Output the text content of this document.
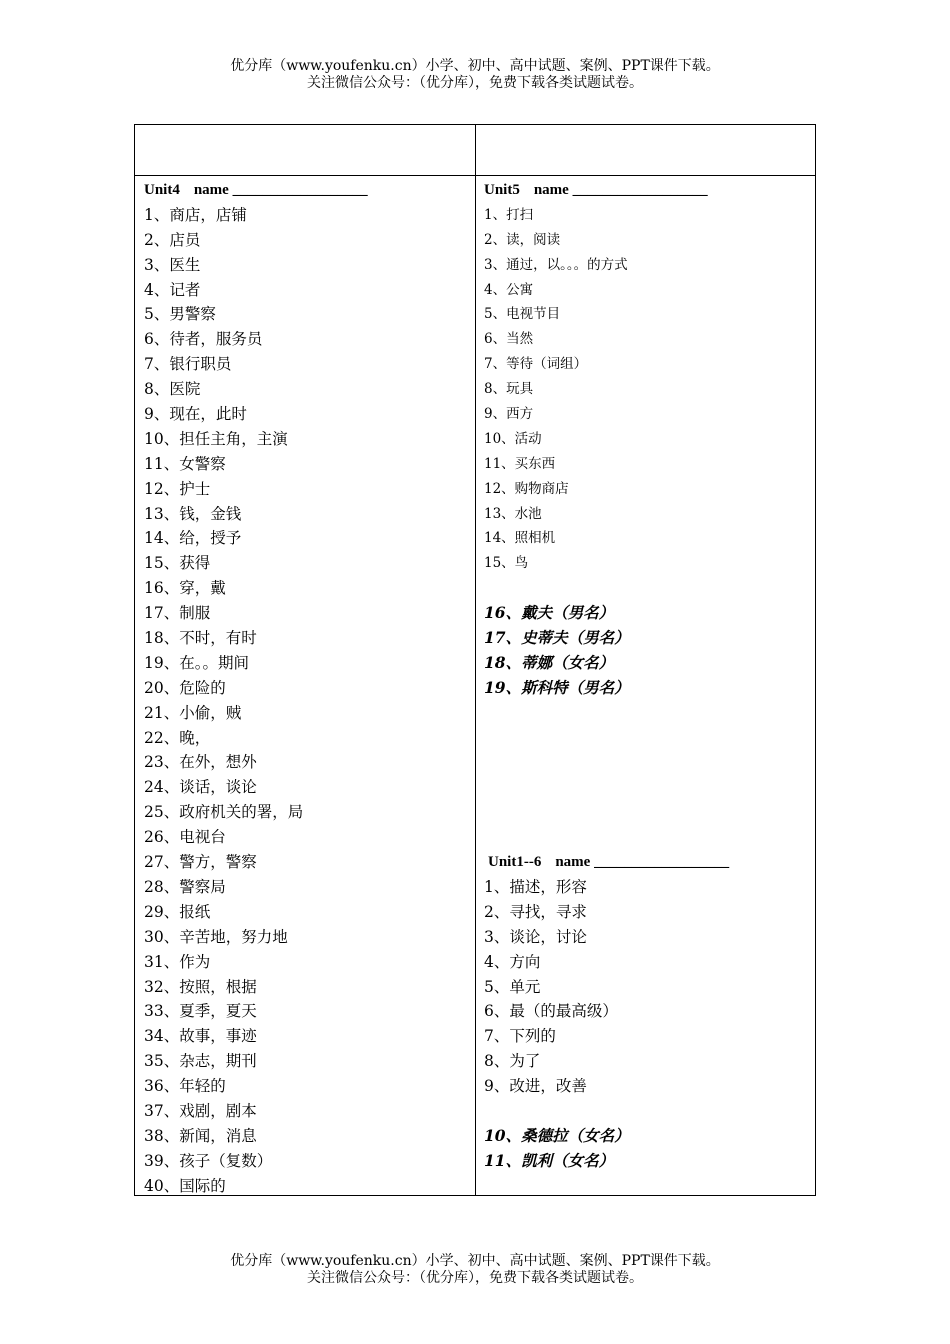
优分库（www.youfenku.cn）小学、初中、高中试题、案例、PPT课件下载。
关注微信公众号：（优分库），免费下载各类试题试卷。
Unit4 name __________________
1、商店，店铺
2、店员
3、医生
4、记者
5、男警察
6、待者，服务员
7、银行职员
8、医院
9、现在，此时
10、担任主角，主演
11、女警察
12、护士
13、钱，金钱
14、给，授予
15、获得
16、穿，戴
17、制服
18、不时，有时
19、在。。期间
20、危险的
21、小偷，贼
22、晚，
23、在外，想外
24、谈话，谈论
25、政府机关的署，局
26、电视台
27、警方，警察
28、警察局
29、报纸
30、辛苦地，努力地
31、作为
32、按照，根据
33、夏季，夏天
34、故事，事迹
35、杂志，期刊
36、年轻的
37、戏剧，剧本
38、新闻，消息
39、孩子（复数）
40、国际的
Unit5 name __________________
1、打扫
2、读，阅读
3、通过，以。。。的方式
4、公寓
5、电视节目
6、当然
7、等待（词组）
8、玩具
9、西方
10、活动
11、买东西
12、购物商店
13、水池
14、照相机
15、鸟
16、戴夫（男名）
17、史蒂夫（男名）
18、蒂娜（女名）
19、斯科特（男名）
Unit1--6 name __________________
1、描述，形容
2、寻找，寻求
3、谈论，讨论
4、方向
5、单元
6、最（的最高级）
7、下列的
8、为了
9、改进，改善
10、桑德拉（女名）
11、凯利（女名）
优分库（www.youfenku.cn）小学、初中、高中试题、案例、PPT课件下载。
关注微信公众号：（优分库），免费下载各类试题试卷。
